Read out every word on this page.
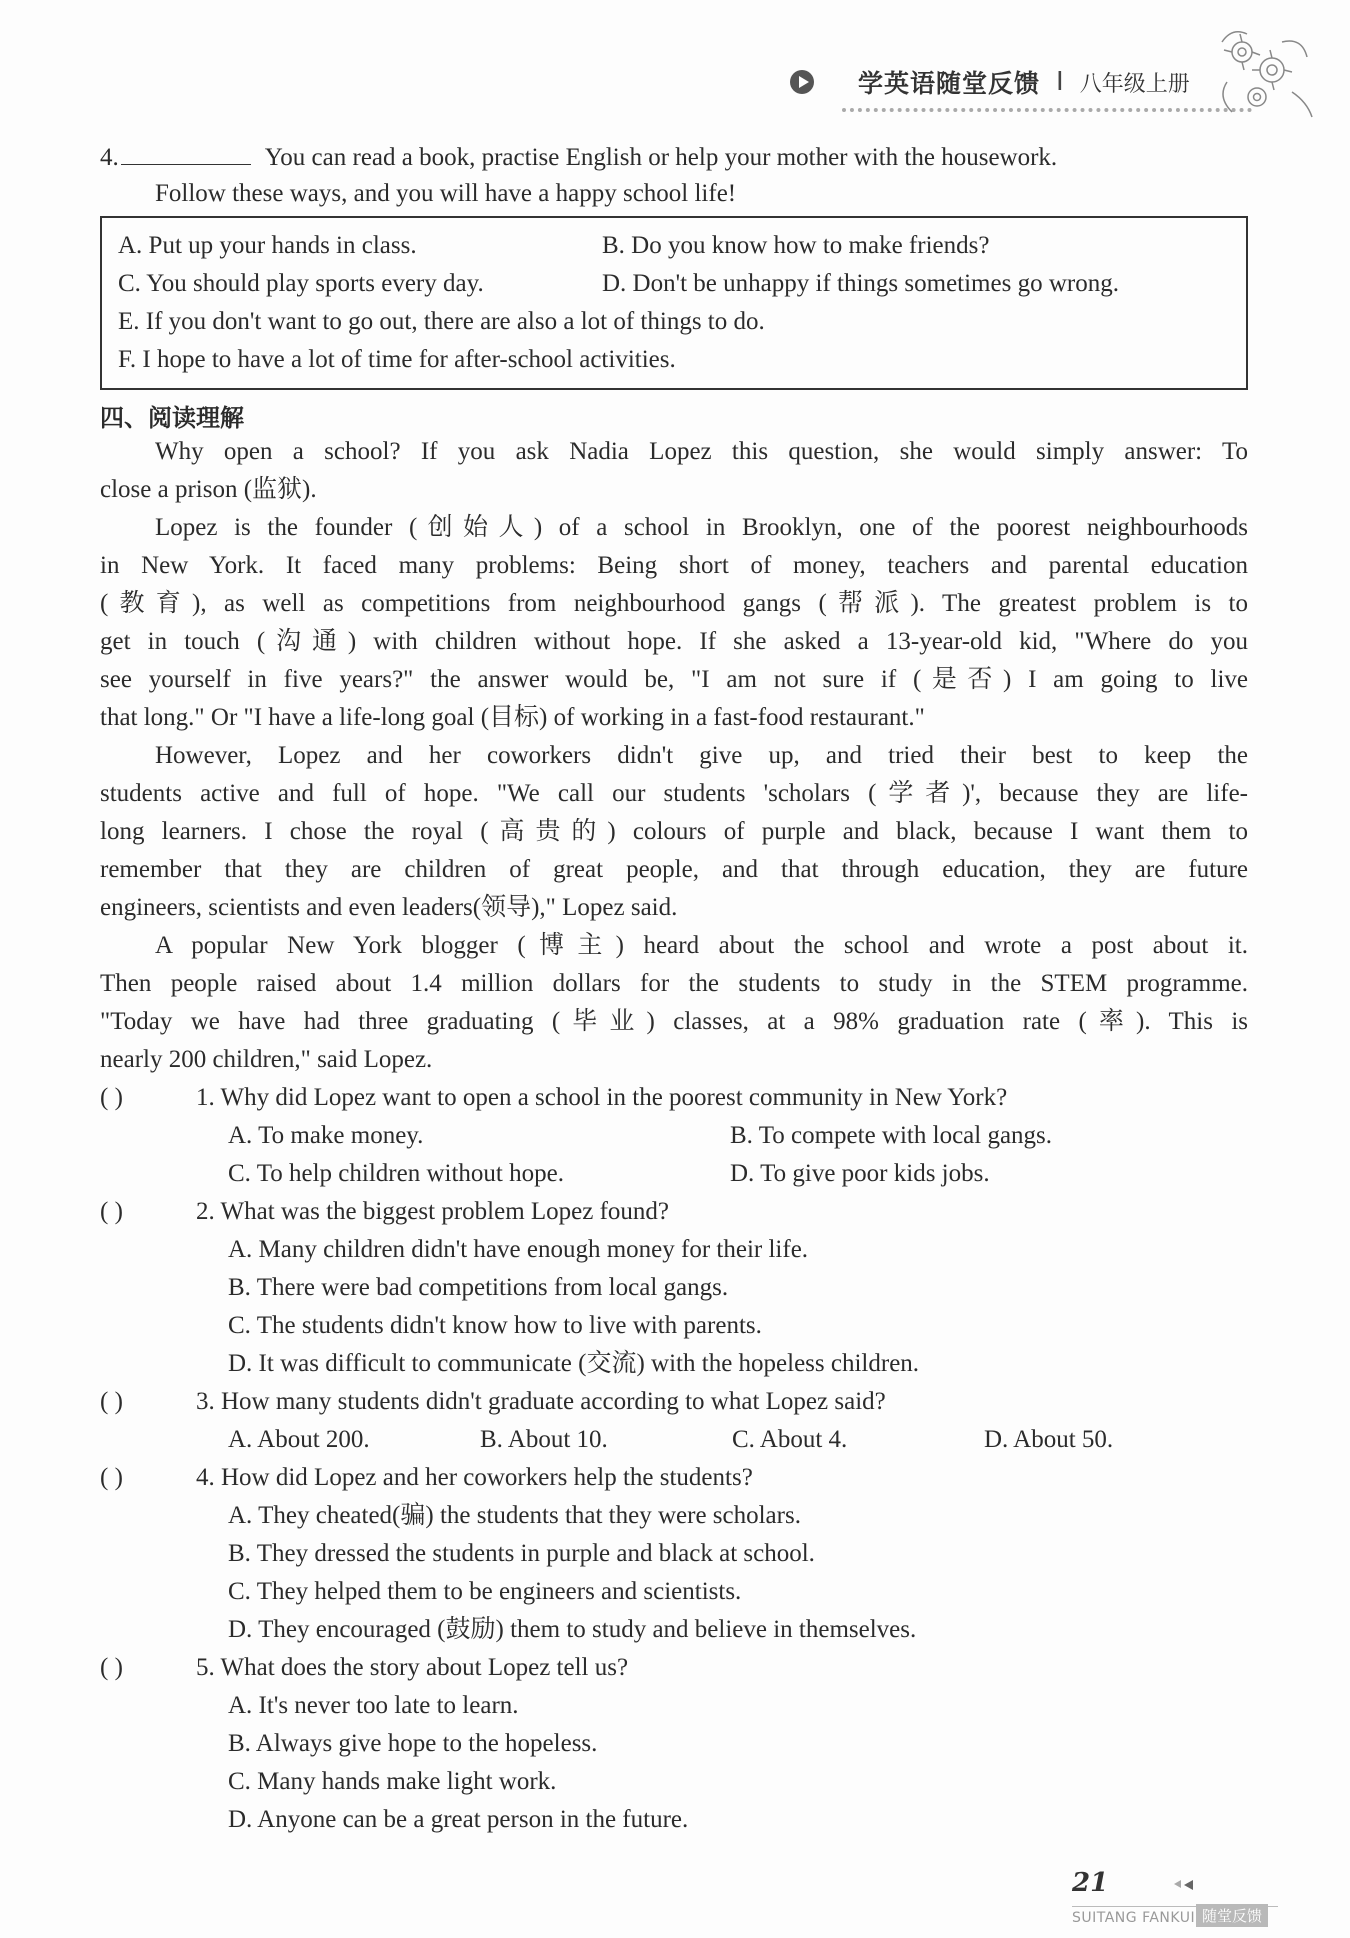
学英语随堂反馈 I 八年级上册
4.	You can read a book, practise English or help your mother with the housework.
Follow these ways, and you will have a happy school life!
A. Put up your hands in class.	B. Do you know how to make friends?
C. You should play sports every day.	D. Don't be unhappy if things sometimes go wrong.
E. If you don't want to go out, there are also a lot of things to do.
F. I hope to have a lot of time for after-school activities.
四、阅读理解
Why open a school? If you ask Nadia Lopez this question, she would simply answer: To
close a prison (监狱).
Lopez is the founder (创始人) of a school in Brooklyn, one of the poorest neighbourhoods
in New York. It faced many problems: Being short of money, teachers and parental education
(教育), as well as competitions from neighbourhood gangs (帮派). The greatest problem is to
get in touch (沟通) with children without hope. If she asked a 13-year-old kid, "Where do you
see yourself in five years?" the answer would be, "I am not sure if (是否) I am going to live
that long." Or "I have a life-long goal (目标) of working in a fast-food restaurant."
However, Lopez and her coworkers didn't give up, and tried their best to keep the
students active and full of hope. "We call our students 'scholars (学者)', because they are life-
long learners. I chose the royal (高贵的) colours of purple and black, because I want them to
remember that they are children of great people, and that through education, they are future
engineers, scientists and even leaders(领导)," Lopez said.
A popular New York blogger (博主) heard about the school and wrote a post about it.
Then people raised about 1.4 million dollars for the students to study in the STEM programme.
"Today we have had three graduating (毕业) classes, at a 98% graduation rate (率). This is
nearly 200 children," said Lopez.
( )	1. Why did Lopez want to open a school in the poorest community in New York?
A. To make money.	B. To compete with local gangs.
C. To help children without hope.	D. To give poor kids jobs.
( )	2. What was the biggest problem Lopez found?
A. Many children didn't have enough money for their life.
B. There were bad competitions from local gangs.
C. The students didn't know how to live with parents.
D. It was difficult to communicate (交流) with the hopeless children.
( )	3. How many students didn't graduate according to what Lopez said?
A. About 200.	B. About 10.	C. About 4.	D. About 50.
( )	4. How did Lopez and her coworkers help the students?
A. They cheated(骗) the students that they were scholars.
B. They dressed the students in purple and black at school.
C. They helped them to be engineers and scientists.
D. They encouraged (鼓励) them to study and believe in themselves.
( )	5. What does the story about Lopez tell us?
A. It's never too late to learn.
B. Always give hope to the hopeless.
C. Many hands make light work.
D. Anyone can be a great person in the future.
21
SUITANG FANKUI 随堂反馈
